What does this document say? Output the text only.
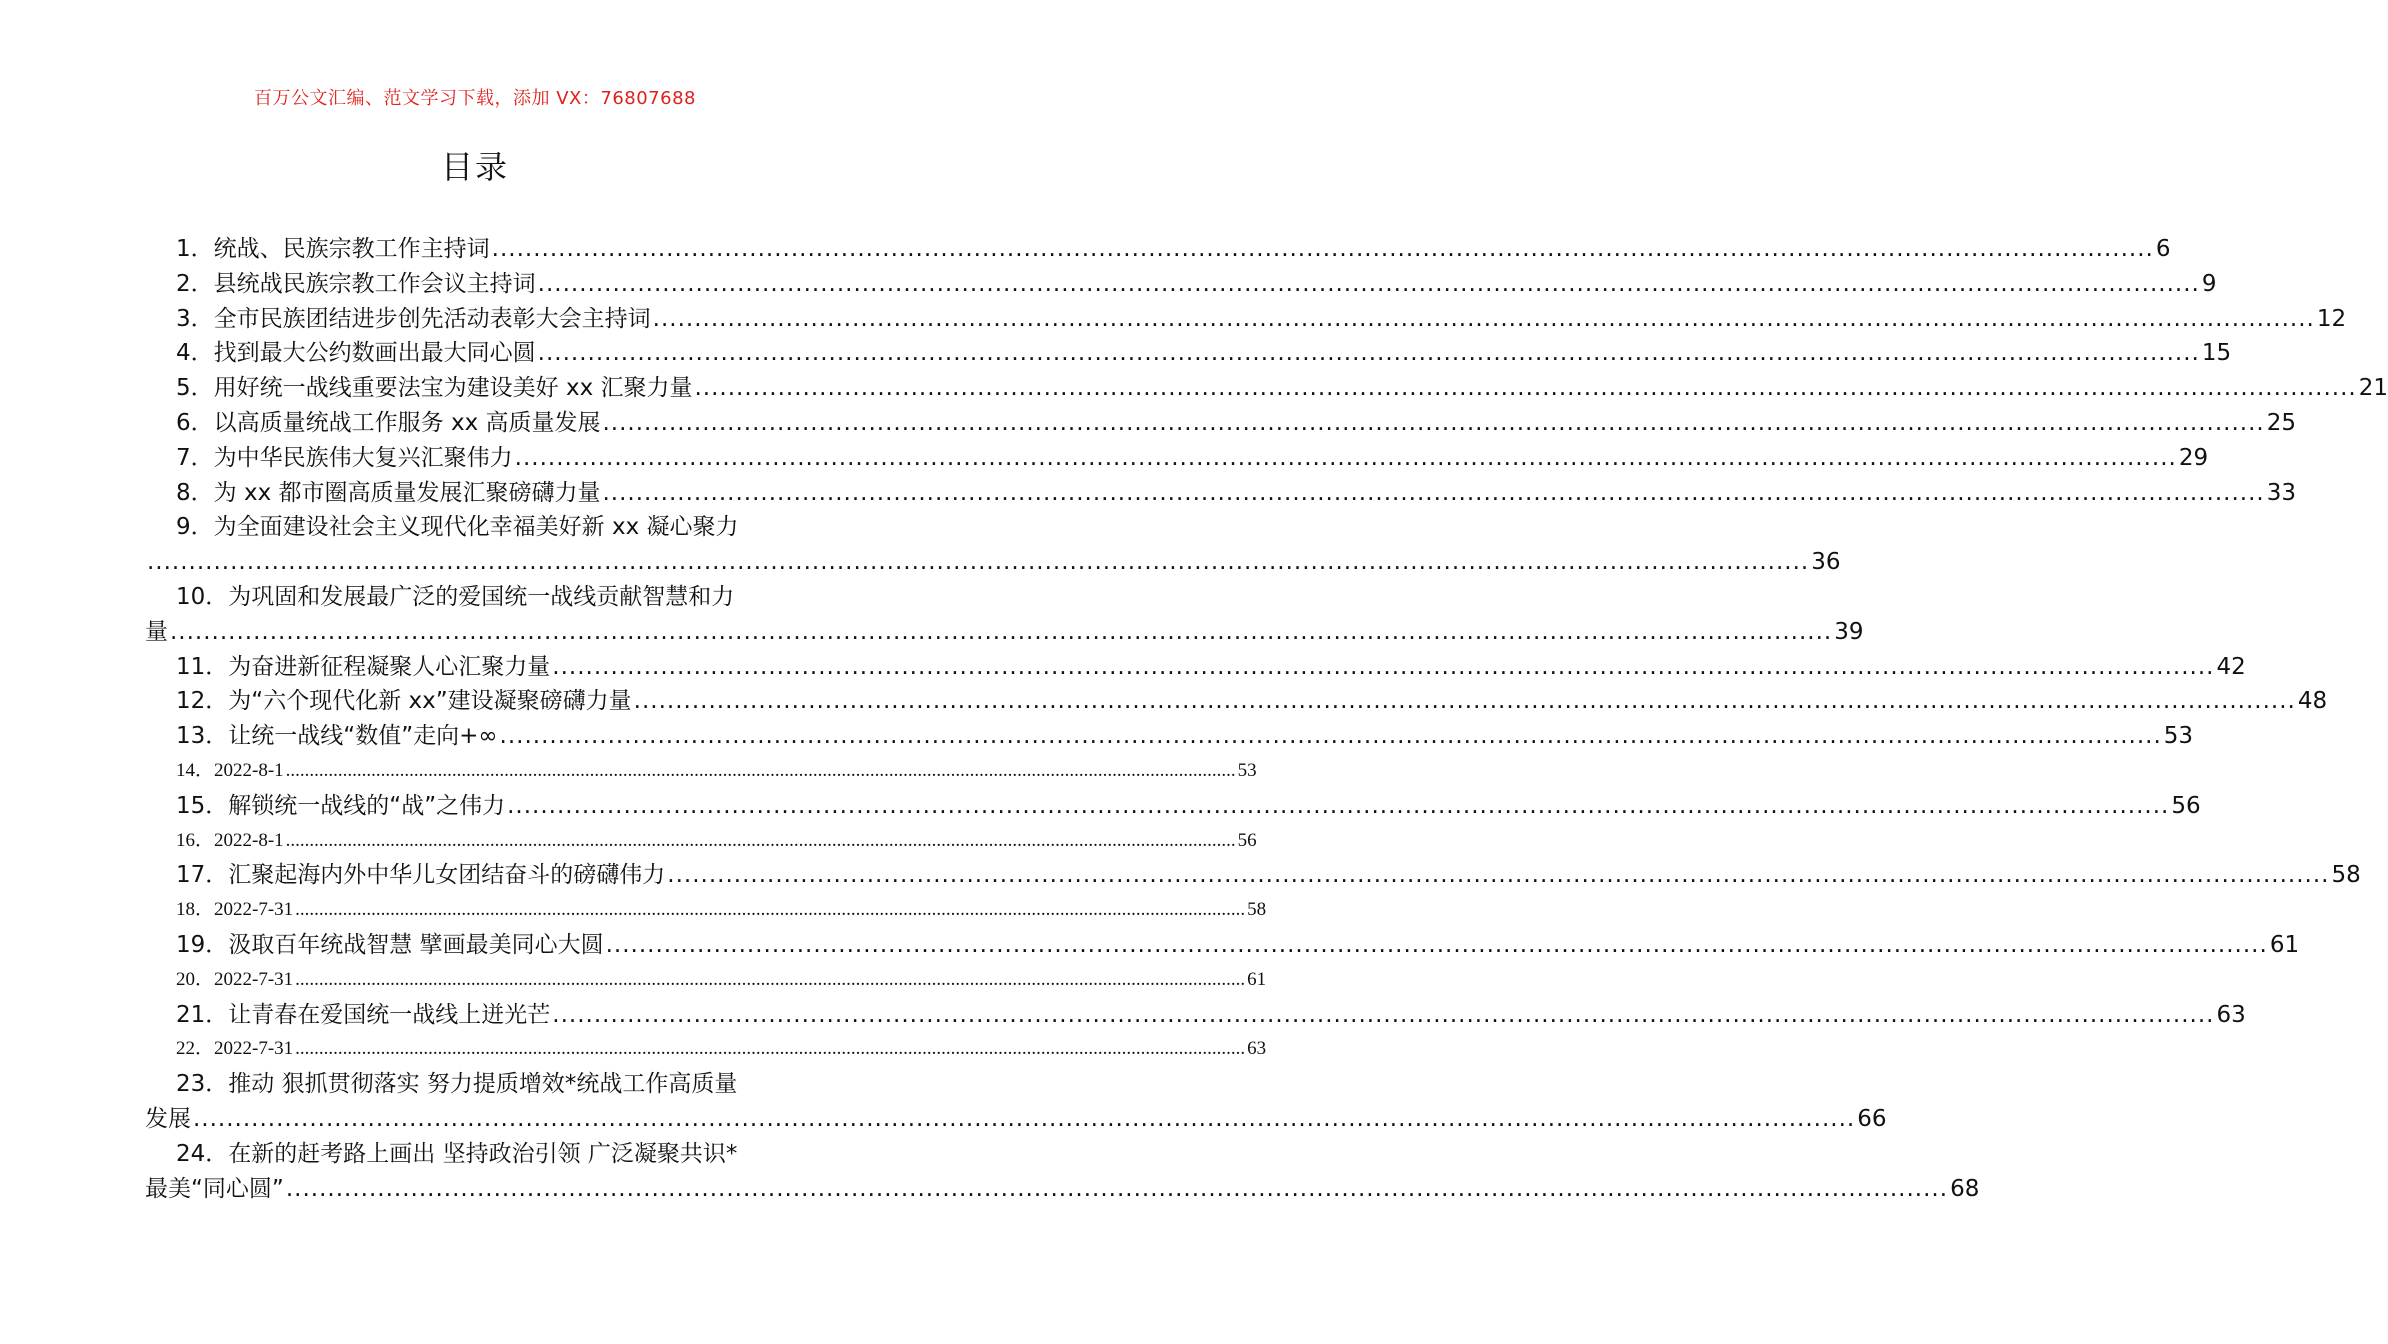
百万公文汇编、范文学习下载，添加 VX：76807688
目录
1． 统战、民族宗教工作主持词 ........................................................................................................................................................................................................ 6
2． 县统战民族宗教工作会议主持词 ........................................................................................................................................................................................................ 9
3． 全市民族团结进步创先活动表彰大会主持词 ........................................................................................................................................................................................................ 12
4． 找到最大公约数画出最大同心圆 ........................................................................................................................................................................................................ 15
5． 用好统一战线重要法宝为建设美好 xx 汇聚力量 ........................................................................................................................................................................................................ 21
6． 以高质量统战工作服务 xx 高质量发展 ........................................................................................................................................................................................................ 25
7． 为中华民族伟大复兴汇聚伟力 ........................................................................................................................................................................................................ 29
8． 为 xx 都市圈高质量发展汇聚磅礴力量 ........................................................................................................................................................................................................ 33
9． 为全面建设社会主义现代化幸福美好新 xx 凝心聚力
........................................................................................................................................................................................................ 36
10． 为巩固和发展最广泛的爱国统一战线贡献智慧和力
量 ........................................................................................................................................................................................................ 39
11． 为奋进新征程凝聚人心汇聚力量 ........................................................................................................................................................................................................ 42
12． 为“六个现代化新 xx”建设凝聚磅礴力量 ........................................................................................................................................................................................................ 48
13． 让统一战线“数值”走向+∞ ........................................................................................................................................................................................................ 53
14． 2022-8-1 ........................................................................................................................................................................................................ 53
15． 解锁统一战线的“战”之伟力 ........................................................................................................................................................................................................ 56
16． 2022-8-1 ........................................................................................................................................................................................................ 56
17． 汇聚起海内外中华儿女团结奋斗的磅礴伟力 ........................................................................................................................................................................................................ 58
18． 2022-7-31 ........................................................................................................................................................................................................ 58
19． 汲取百年统战智慧 擘画最美同心大圆 ........................................................................................................................................................................................................ 61
20． 2022-7-31 ........................................................................................................................................................................................................ 61
21． 让青春在爱国统一战线上迸光芒 ........................................................................................................................................................................................................ 63
22． 2022-7-31 ........................................................................................................................................................................................................ 63
23． 推动 狠抓贯彻落实 努力提质增效*统战工作高质量
发展 ........................................................................................................................................................................................................ 66
24． 在新的赶考路上画出 坚持政治引领 广泛凝聚共识*
最美“同心圆” ........................................................................................................................................................................................................ 68
